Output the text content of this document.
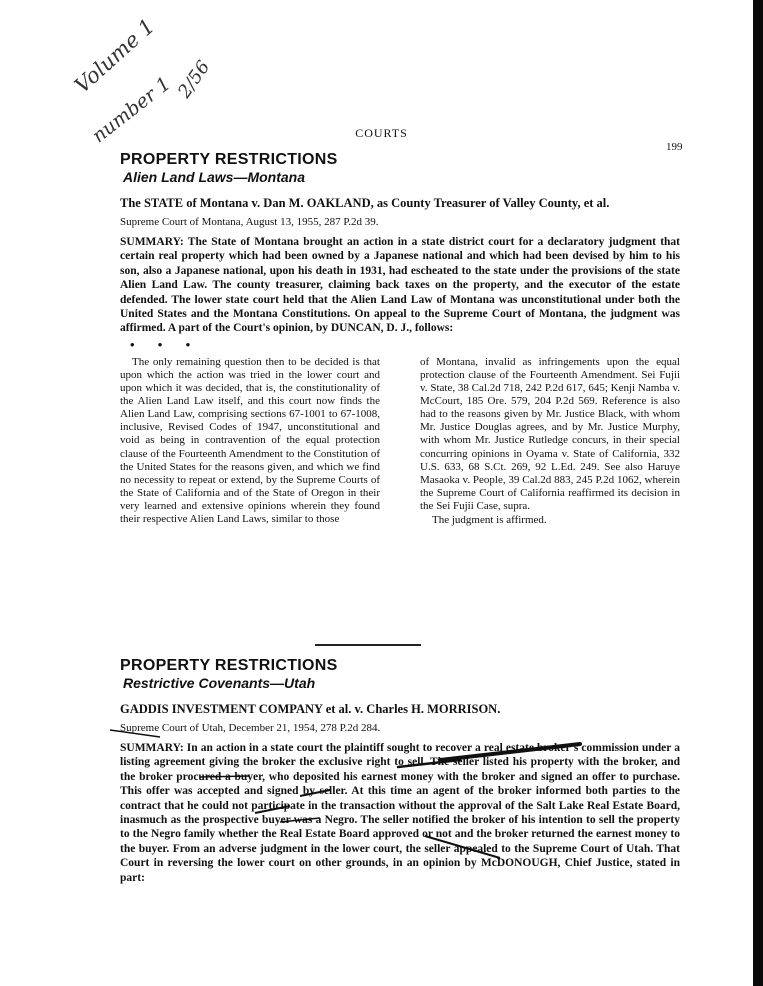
Volume 1
number 1 2/56
COURTS
199
PROPERTY RESTRICTIONS
Alien Land Laws—Montana
The STATE of Montana v. Dan M. OAKLAND, as County Treasurer of Valley County, et al.
Supreme Court of Montana, August 13, 1955, 287 P.2d 39.
SUMMARY: The State of Montana brought an action in a state district court for a declaratory judgment that certain real property which had been owned by a Japanese national and which had been devised by him to his son, also a Japanese national, upon his death in 1931, had escheated to the state under the provisions of the state Alien Land Law. The county treasurer, claiming back taxes on the property, and the executor of the estate defended. The lower state court held that the Alien Land Law of Montana was unconstitutional under both the United States and the Montana Constitutions. On appeal to the Supreme Court of Montana, the judgment was affirmed. A part of the Court's opinion, by DUNCAN, D. J., follows:
• • •

The only remaining question then to be decided is that upon which the action was tried in the lower court and upon which it was decided, that is, the constitutionality of the Alien Land Law itself, and this court now finds the Alien Land Law, comprising sections 67-1001 to 67-1008, inclusive, Revised Codes of 1947, unconstitutional and void as being in contravention of the equal protection clause of the Fourteenth Amendment to the Constitution of the United States for the reasons given, and which we find no necessity to repeat or extend, by the Supreme Courts of the State of California and of the State of Oregon in their very learned and extensive opinions wherein they found their respective Alien Land Laws, similar to those

of Montana, invalid as infringements upon the equal protection clause of the Fourteenth Amendment. Sei Fujii v. State, 38 Cal.2d 718, 242 P.2d 617, 645; Kenji Namba v. McCourt, 185 Ore. 579, 204 P.2d 569. Reference is also had to the reasons given by Mr. Justice Black, with whom Mr. Justice Douglas agrees, and by Mr. Justice Murphy, with whom Mr. Justice Rutledge concurs, in their special concurring opinions in Oyama v. State of California, 332 U.S. 633, 68 S.Ct. 269, 92 L.Ed. 249. See also Haruye Masaoka v. People, 39 Cal.2d 883, 245 P.2d 1062, wherein the Supreme Court of California reaffirmed its decision in the Sei Fujii Case, supra.

The judgment is affirmed.

PROPERTY RESTRICTIONS
Restrictive Covenants—Utah
GADDIS INVESTMENT COMPANY et al. v. Charles H. MORRISON.
Supreme Court of Utah, December 21, 1954, 278 P.2d 284.
SUMMARY: In an action in a state court the plaintiff sought to recover a real estate broker's commission under a listing agreement giving the broker the exclusive right to sell. The seller listed his property with the broker, and the broker procured a buyer, who deposited his earnest money with the broker and signed an offer to purchase. This offer was accepted and signed by seller. At this time an agent of the broker informed both parties to the contract that he could not participate in the transaction without the approval of the Salt Lake Real Estate Board, inasmuch as the prospective buyer was a Negro. The seller notified the broker of his intention to sell the property to the Negro family whether the Real Estate Board approved or not and the broker returned the earnest money to the buyer. From an adverse judgment in the lower court, the seller appealed to the Supreme Court of Utah. That Court in reversing the lower court on other grounds, in an opinion by McDONOUGH, Chief Justice, stated in part:
